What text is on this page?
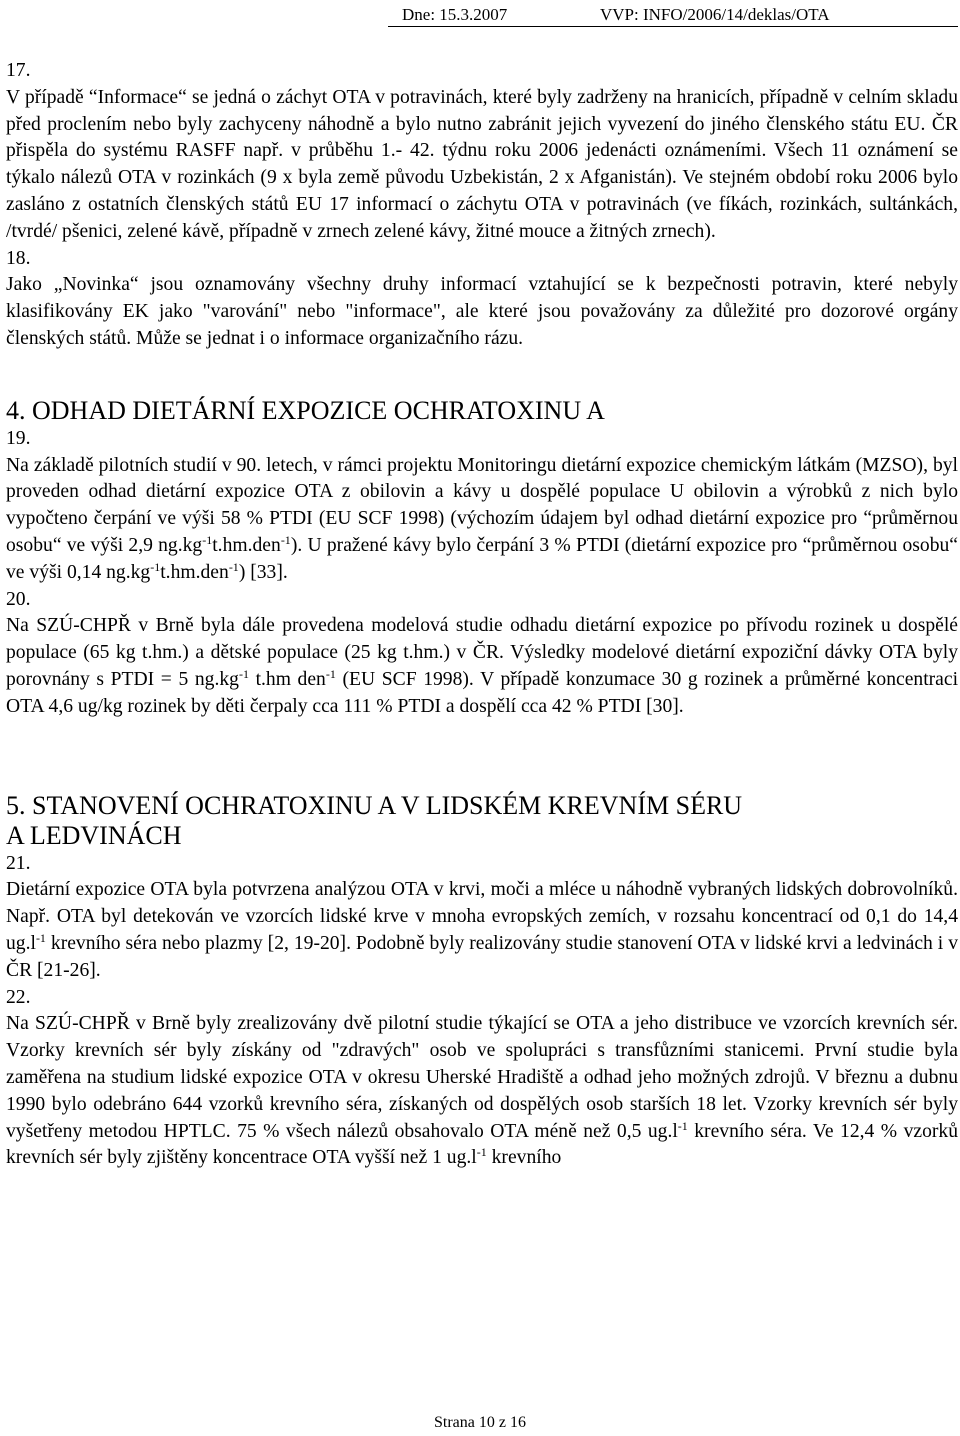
Dne: 15.3.2007	VVP: INFO/2006/14/deklas/OTA

17.

V případě “Informace“ se jedná o záchyt OTA v potravinách, které byly zadrženy na hranicích, případně v celním skladu před proclením nebo byly zachyceny náhodně a bylo nutno zabránit jejich vyvezení do jiného členského státu EU. ČR přispěla do systému RASFF např. v průběhu 1.- 42. týdnu roku 2006 jedenácti oznámeními. Všech 11 oznámení se týkalo nálezů OTA v rozinkách (9 x byla země původu Uzbekistán, 2 x Afganistán). Ve stejném období roku 2006 bylo zasláno z ostatních členských států EU 17 informací o záchytu OTA v potravinách (ve fíkách, rozinkách, sultánkách, /tvrdé/ pšenici, zelené kávě, případně v zrnech zelené kávy, žitné mouce a žitných zrnech).

18.

Jako „Novinka“ jsou oznamovány všechny druhy informací vztahující se k bezpečnosti potravin, které nebyly klasifikovány EK jako "varování" nebo "informace", ale které jsou považovány za důležité pro dozorové orgány členských států. Může se jednat i o informace organizačního rázu.

4. ODHAD DIETÁRNÍ EXPOZICE OCHRATOXINU A

19.

Na základě pilotních studií v 90. letech, v rámci projektu Monitoringu dietární expozice chemickým látkám (MZSO), byl proveden odhad dietární expozice OTA z obilovin a kávy u dospělé populace U obilovin a výrobků z nich bylo vypočteno čerpání ve výši 58 % PTDI (EU SCF 1998) (výchozím údajem byl odhad dietární expozice pro “průměrnou osobu“ ve výši 2,9 $ng.kg^{-1}t.hm.den^{-1}$). U pražené kávy bylo čerpání 3 % PTDI (dietární expozice pro “průměrnou osobu“ ve výši 0,14 $ng.kg^{-1}t.hm.den^{-1}$) [33].

20.

Na SZÚ-CHPŘ v Brně byla dále provedena modelová studie odhadu dietární expozice po přívodu rozinek u dospělé populace (65 kg t.hm.) a dětské populace (25 kg t.hm.) v ČR. Výsledky modelové dietární expoziční dávky OTA byly porovnány s PTDI = 5 $ng.kg^{-1}$ t.hm den$^{-1}$ (EU SCF 1998). V případě konzumace 30 g rozinek a průměrné koncentraci OTA 4,6 ug/kg rozinek by děti čerpaly cca 111 % PTDI a dospělí cca 42 % PTDI [30].

5. STANOVENÍ OCHRATOXINU A V LIDSKÉM KREVNÍM SÉRU
A LEDVINÁCH

21.

Dietární expozice OTA byla potvrzena analýzou OTA v krvi, moči a mléce u náhodně vybraných lidských dobrovolníků. Např. OTA byl detekován ve vzorcích lidské krve v mnoha evropských zemích, v rozsahu koncentrací od 0,1 do 14,4 $ug.l^{-1}$ krevního séra nebo plazmy [2, 19-20]. Podobně byly realizovány studie stanovení OTA v lidské krvi a ledvinách i v ČR [21-26].

22.

Na SZÚ-CHPŘ v Brně byly zrealizovány dvě pilotní studie týkající se OTA a jeho distribuce ve vzorcích krevních sér. Vzorky krevních sér byly získány od "zdravých" osob ve spolupráci s transfůzními stanicemi. První studie byla zaměřena na studium lidské expozice OTA v okresu Uherské Hradiště a odhad jeho možných zdrojů. V březnu a dubnu 1990 bylo odebráno 644 vzorků krevního séra, získaných od dospělých osob starších 18 let. Vzorky krevních sér byly vyšetřeny metodou HPTLC. 75 % všech nálezů obsahovalo OTA méně než 0,5 $ug.l^{-1}$ krevního séra. Ve 12,4 % vzorků krevních sér byly zjištěny koncentrace OTA vyšší než 1 $ug.l^{-1}$ krevního

Strana 10 z 16
